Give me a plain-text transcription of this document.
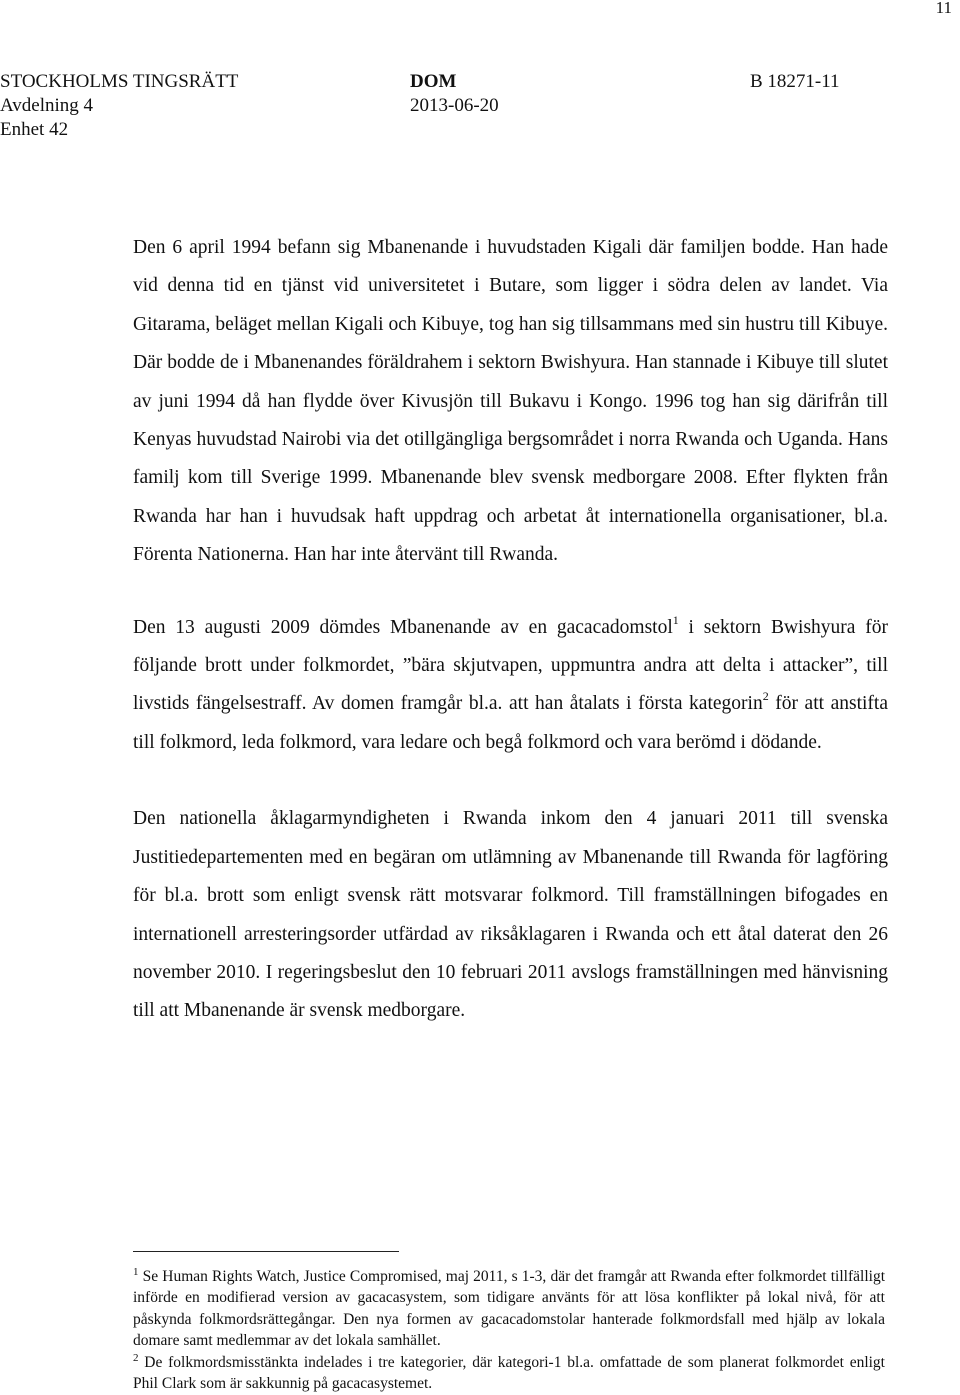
11
STOCKHOLMS TINGSRÄTT
Avdelning 4
Enhet 42
DOM
2013-06-20
B 18271-11

Den 6 april 1994 befann sig Mbanenande i huvudstaden Kigali där familjen bodde. Han hade vid denna tid en tjänst vid universitetet i Butare, som ligger i södra delen av landet. Via Gitarama, beläget mellan Kigali och Kibuye, tog han sig tillsammans med sin hustru till Kibuye. Där bodde de i Mbanenandes föräldrahem i sektorn Bwishyura. Han stannade i Kibuye till slutet av juni 1994 då han flydde över Kivusjön till Bukavu i Kongo. 1996 tog han sig därifrån till Kenyas huvudstad Nairobi via det otillgängliga bergsområdet i norra Rwanda och Uganda. Hans familj kom till Sverige 1999. Mbanenande blev svensk medborgare 2008. Efter flykten från Rwanda har han i huvudsak haft uppdrag och arbetat åt internationella organisationer, bl.a. Förenta Nationerna. Han har inte återvänt till Rwanda.

Den 13 augusti 2009 dömdes Mbanenande av en gacacadomstol$^1$ i sektorn Bwishyura för följande brott under folkmordet, ”bära skjutvapen, uppmuntra andra att delta i attacker”, till livstids fängelsestraff. Av domen framgår bl.a. att han åtalats i första kategorin$^2$ för att anstifta till folkmord, leda folkmord, vara ledare och begå folkmord och vara berömd i dödande.

Den nationella åklagarmyndigheten i Rwanda inkom den 4 januari 2011 till svenska Justitiedepartementen med en begäran om utlämning av Mbanenande till Rwanda för lagföring för bl.a. brott som enligt svensk rätt motsvarar folkmord. Till framställningen bifogades en internationell arresteringsorder utfärdad av riksåklagaren i Rwanda och ett åtal daterat den 26 november 2010. I regeringsbeslut den 10 februari 2011 avslogs framställningen med hänvisning till att Mbanenande är svensk medborgare.

$^1$ Se Human Rights Watch, Justice Compromised, maj 2011, s 1-3, där det framgår att Rwanda efter folkmordet tillfälligt införde en modifierad version av gacacasystem, som tidigare använts för att lösa konflikter på lokal nivå, för att påskynda folkmordsrättegångar. Den nya formen av gacacadomstolar hanterade folkmordsfall med hjälp av lokala domare samt medlemmar av det lokala samhället.

$^2$ De folkmordsmisstänkta indelades i tre kategorier, där kategori-1 bl.a. omfattade de som planerat folkmordet enligt Phil Clark som är sakkunnig på gacacasystemet.
